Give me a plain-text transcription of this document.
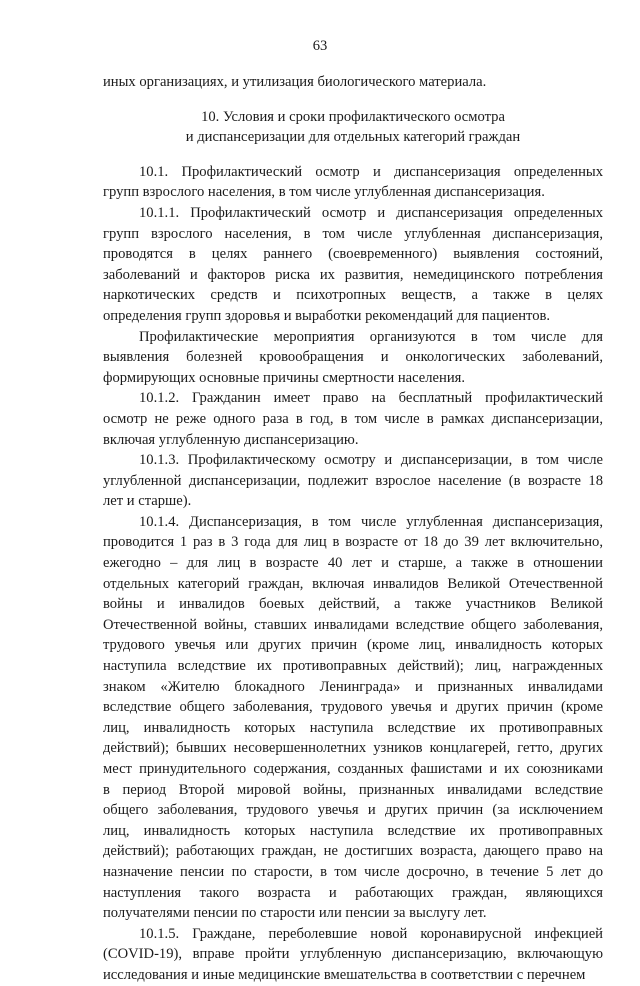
63
иных организациях, и утилизация биологического материала.
10. Условия и сроки профилактического осмотра
и диспансеризации для отдельных категорий граждан
10.1. Профилактический осмотр и диспансеризация определенных
групп взрослого населения, в том числе углубленная диспансеризация.
10.1.1. Профилактический осмотр и диспансеризация определенных
групп взрослого населения, в том числе углубленная диспансеризация,
проводятся в целях раннего (своевременного) выявления состояний,
заболеваний и факторов риска их развития, немедицинского потребления
наркотических средств и психотропных веществ, а также в целях
определения групп здоровья и выработки рекомендаций для пациентов.
Профилактические мероприятия организуются в том числе для
выявления болезней кровообращения и онкологических заболеваний,
формирующих основные причины смертности населения.
10.1.2. Гражданин имеет право на бесплатный профилактический
осмотр не реже одного раза в год, в том числе в рамках диспансеризации,
включая углубленную диспансеризацию.
10.1.3. Профилактическому осмотру и диспансеризации, в том числе
углубленной диспансеризации, подлежит взрослое население (в возрасте 18
лет и старше).
10.1.4. Диспансеризация, в том числе углубленная диспансеризация,
проводится 1 раз в 3 года для лиц в возрасте от 18 до 39 лет включительно,
ежегодно – для лиц в возрасте 40 лет и старше, а также в отношении
отдельных категорий граждан, включая инвалидов Великой Отечественной
войны и инвалидов боевых действий, а также участников Великой
Отечественной войны, ставших инвалидами вследствие общего заболевания,
трудового увечья или других причин (кроме лиц, инвалидность которых
наступила вследствие их противоправных действий); лиц, награжденных
знаком «Жителю блокадного Ленинграда» и признанных инвалидами
вследствие общего заболевания, трудового увечья и других причин (кроме
лиц, инвалидность которых наступила вследствие их противоправных
действий); бывших несовершеннолетних узников концлагерей, гетто, других
мест принудительного содержания, созданных фашистами и их союзниками
в период Второй мировой войны, признанных инвалидами вследствие
общего заболевания, трудового увечья и других причин (за исключением
лиц, инвалидность которых наступила вследствие их противоправных
действий); работающих граждан, не достигших возраста, дающего право на
назначение пенсии по старости, в том числе досрочно, в течение 5 лет до
наступления такого возраста и работающих граждан, являющихся
получателями пенсии по старости или пенсии за выслугу лет.
10.1.5. Граждане, переболевшие новой коронавирусной инфекцией
(COVID-19), вправе пройти углубленную диспансеризацию, включающую
исследования и иные медицинские вмешательства в соответствии с перечнем
